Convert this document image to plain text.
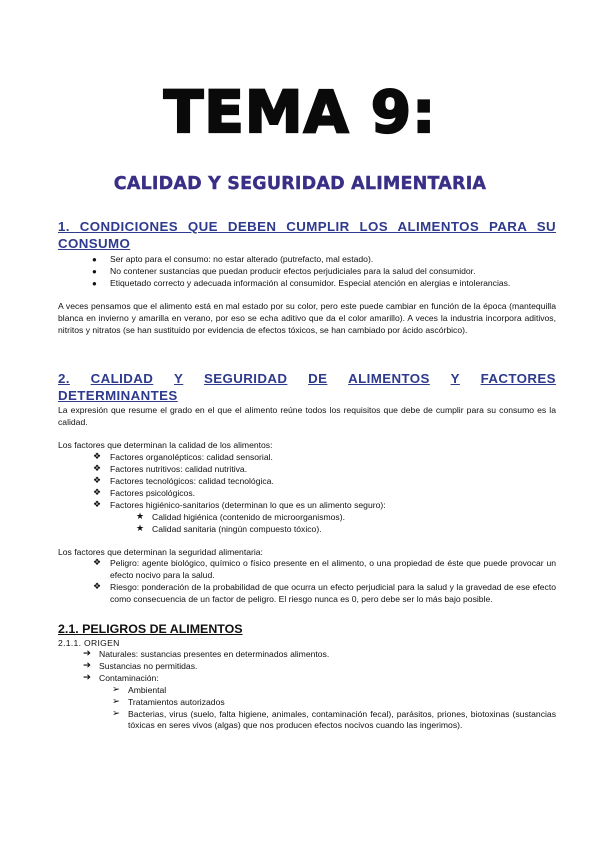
TEMA 9:
CALIDAD Y SEGURIDAD ALIMENTARIA
1. CONDICIONES QUE DEBEN CUMPLIR LOS ALIMENTOS PARA SU
CONSUMO
● Ser apto para el consumo: no estar alterado (putrefacto, mal estado).
● No contener sustancias que puedan producir efectos perjudiciales para la salud del consumidor.
● Etiquetado correcto y adecuada información al consumidor. Especial atención en alergias e intolerancias.
A veces pensamos que el alimento está en mal estado por su color, pero este puede cambiar en función de la época (mantequilla blanca en invierno y amarilla en verano, por eso se echa aditivo que da el color amarillo). A veces la industria incorpora aditivos, nitritos y nitratos (se han sustituido por evidencia de efectos tóxicos, se han cambiado por ácido ascórbico).
2. CALIDAD Y SEGURIDAD DE ALIMENTOS Y FACTORES
DETERMINANTES
La expresión que resume el grado en el que el alimento reúne todos los requisitos que debe de cumplir para su consumo es la calidad.
Los factores que determinan la calidad de los alimentos:
❖ Factores organolépticos: calidad sensorial.
❖ Factores nutritivos: calidad nutritiva.
❖ Factores tecnológicos: calidad tecnológica.
❖ Factores psicológicos.
❖ Factores higiénico-sanitarios (determinan lo que es un alimento seguro):
★ Calidad higiénica (contenido de microorganismos).
★ Calidad sanitaria (ningún compuesto tóxico).
Los factores que determinan la seguridad alimentaria:
❖ Peligro: agente biológico, químico o físico presente en el alimento, o una propiedad de éste que puede provocar un efecto nocivo para la salud.
❖ Riesgo: ponderación de la probabilidad de que ocurra un efecto perjudicial para la salud y la gravedad de ese efecto como consecuencia de un factor de peligro. El riesgo nunca es 0, pero debe ser lo más bajo posible.
2.1. PELIGROS DE ALIMENTOS
2.1.1. ORIGEN
➔ Naturales: sustancias presentes en determinados alimentos.
➔ Sustancias no permitidas.
➔ Contaminación:
➢ Ambiental
➢ Tratamientos autorizados
➢ Bacterias, virus (suelo, falta higiene, animales, contaminación fecal), parásitos, priones, biotoxinas (sustancias tóxicas en seres vivos (algas) que nos producen efectos nocivos cuando las ingerimos).
